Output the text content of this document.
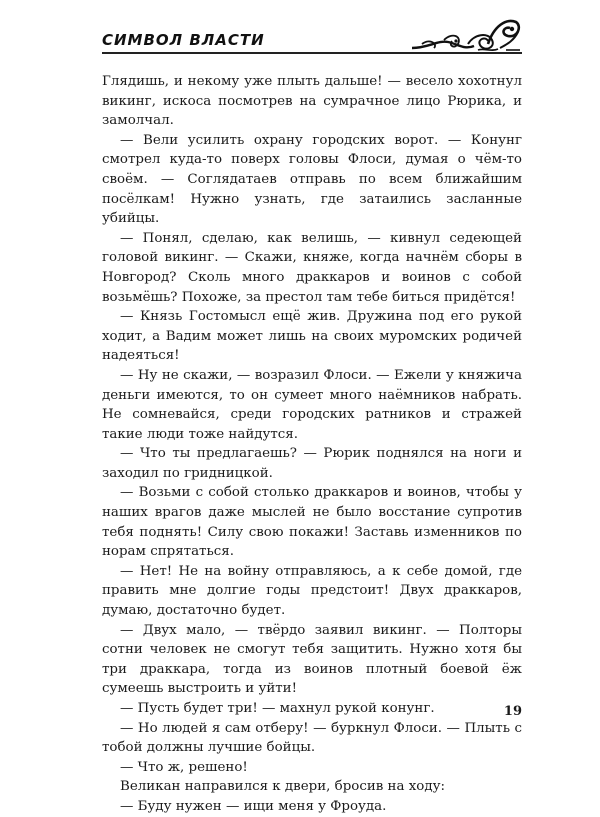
СИМВОЛ ВЛАСТИ

Глядишь, и некому уже плыть дальше! — весело хохотнул викинг, искоса посмотрев на сумрачное лицо Рюрика, и замолчал.

— Вели усилить охрану городских ворот. — Конунг смотрел куда-то поверх головы Флоси, думая о чём-то своём. — Соглядатаев отправь по всем ближайшим посёлкам! Нужно узнать, где затаились засланные убийцы.

— Понял, сделаю, как велишь, — кивнул седеющей головой викинг. — Скажи, княже, когда начнём сборы в Новгород? Сколь много драккаров и воинов с собой возьмёшь? Похоже, за престол там тебе биться придётся!

— Князь Гостомысл ещё жив. Дружина под его рукой ходит, а Вадим может лишь на своих муромских родичей надеяться!

— Ну не скажи, — возразил Флоси. — Ежели у княжича деньги имеются, то он сумеет много наёмников набрать. Не сомневайся, среди городских ратников и стражей такие люди тоже найдутся.

— Что ты предлагаешь? — Рюрик поднялся на ноги и заходил по гридницкой.

— Возьми с собой столько драккаров и воинов, чтобы у наших врагов даже мыслей не было восстание супротив тебя поднять! Силу свою покажи! Заставь изменников по норам спрятаться.

— Нет! Не на войну отправляюсь, а к себе домой, где править мне долгие годы предстоит! Двух драккаров, думаю, достаточно будет.

— Двух мало, — твёрдо заявил викинг. — Полторы сотни человек не смогут тебя защитить. Нужно хотя бы три драккара, тогда из воинов плотный боевой ёж сумеешь выстроить и уйти!

— Пусть будет три! — махнул рукой конунг.

— Но людей я сам отберу! — буркнул Флоси. — Плыть с тобой должны лучшие бойцы.

— Что ж, решено!

Великан направился к двери, бросив на ходу:

— Буду нужен — ищи меня у Фроуда.

19
